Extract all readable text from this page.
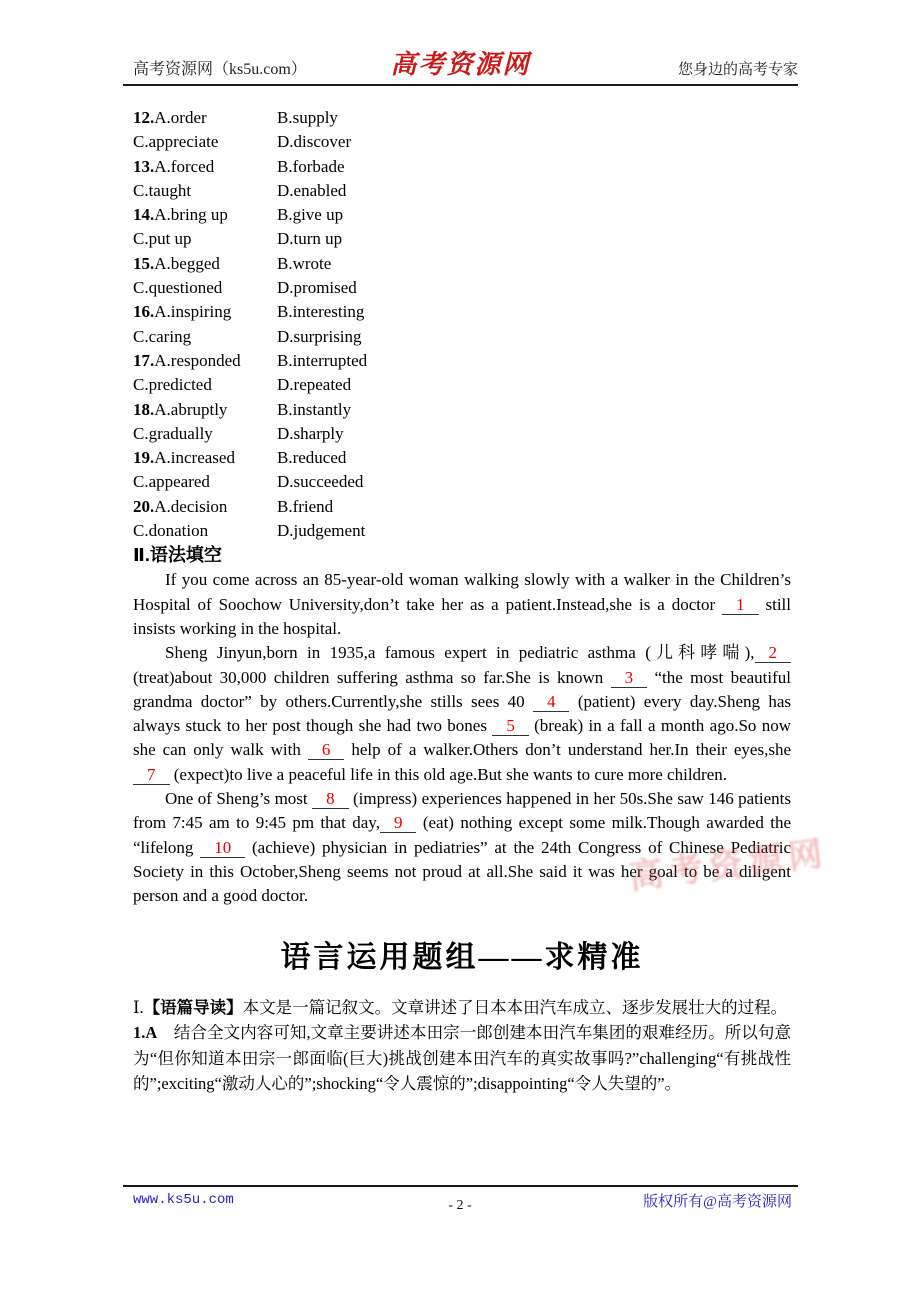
高考资源网（ks5u.com）	高考资源网	您身边的高考专家
12.A.order	B.supply
C.appreciate	D.discover
13.A.forced	B.forbade
C.taught	D.enabled
14.A.bring up	B.give up
C.put up	D.turn up
15.A.begged	B.wrote
C.questioned	D.promised
16.A.inspiring	B.interesting
C.caring	D.surprising
17.A.responded	B.interrupted
C.predicted	D.repeated
18.A.abruptly	B.instantly
C.gradually	D.sharply
19.A.increased	B.reduced
C.appeared	D.succeeded
20.A.decision	B.friend
C.donation	D.judgement
Ⅱ.语法填空

If you come across an 85-year-old woman walking slowly with a walker in the Children’s Hospital of Soochow University,don’t take her as a patient.Instead,she is a doctor 1 still insists working in the hospital.

Sheng Jinyun,born in 1935,a famous expert in pediatric asthma (儿科哮喘), 2 (treat)about 30,000 children suffering asthma so far.She is known 3 “the most beautiful grandma doctor” by others.Currently,she stills sees 40 4 (patient) every day.Sheng has always stuck to her post though she had two bones 5 (break) in a fall a month ago.So now she can only walk with 6 help of a walker.Others don’t understand her.In their eyes,she 7 (expect)to live a peaceful life in this old age.But she wants to cure more children.

One of Sheng’s most 8 (impress) experiences happened in her 50s.She saw 146 patients from 7:45 am to 9:45 pm that day, 9 (eat) nothing except some milk.Though awarded the “lifelong 10 (achieve) physician in pediatries” at the 24th Congress of Chinese Pediatric Society in this October,Sheng seems not proud at all.She said it was her goal to be a diligent person and a good doctor.

语言运用题组——求精准

Ⅰ.【语篇导读】本文是一篇记叙文。文章讲述了日本本田汽车成立、逐步发展壮大的过程。

1.A　结合全文内容可知,文章主要讲述本田宗一郎创建本田汽车集团的艰难经历。所以句意为“但你知道本田宗一郎面临(巨大)挑战创建本田汽车的真实故事吗?”challenging“有挑战性的”;exciting“激动人心的”;shocking“令人震惊的”;disappointing“令人失望的”。

高考资源网
www.ks5u.com	- 2 -	版权所有@高考资源网
